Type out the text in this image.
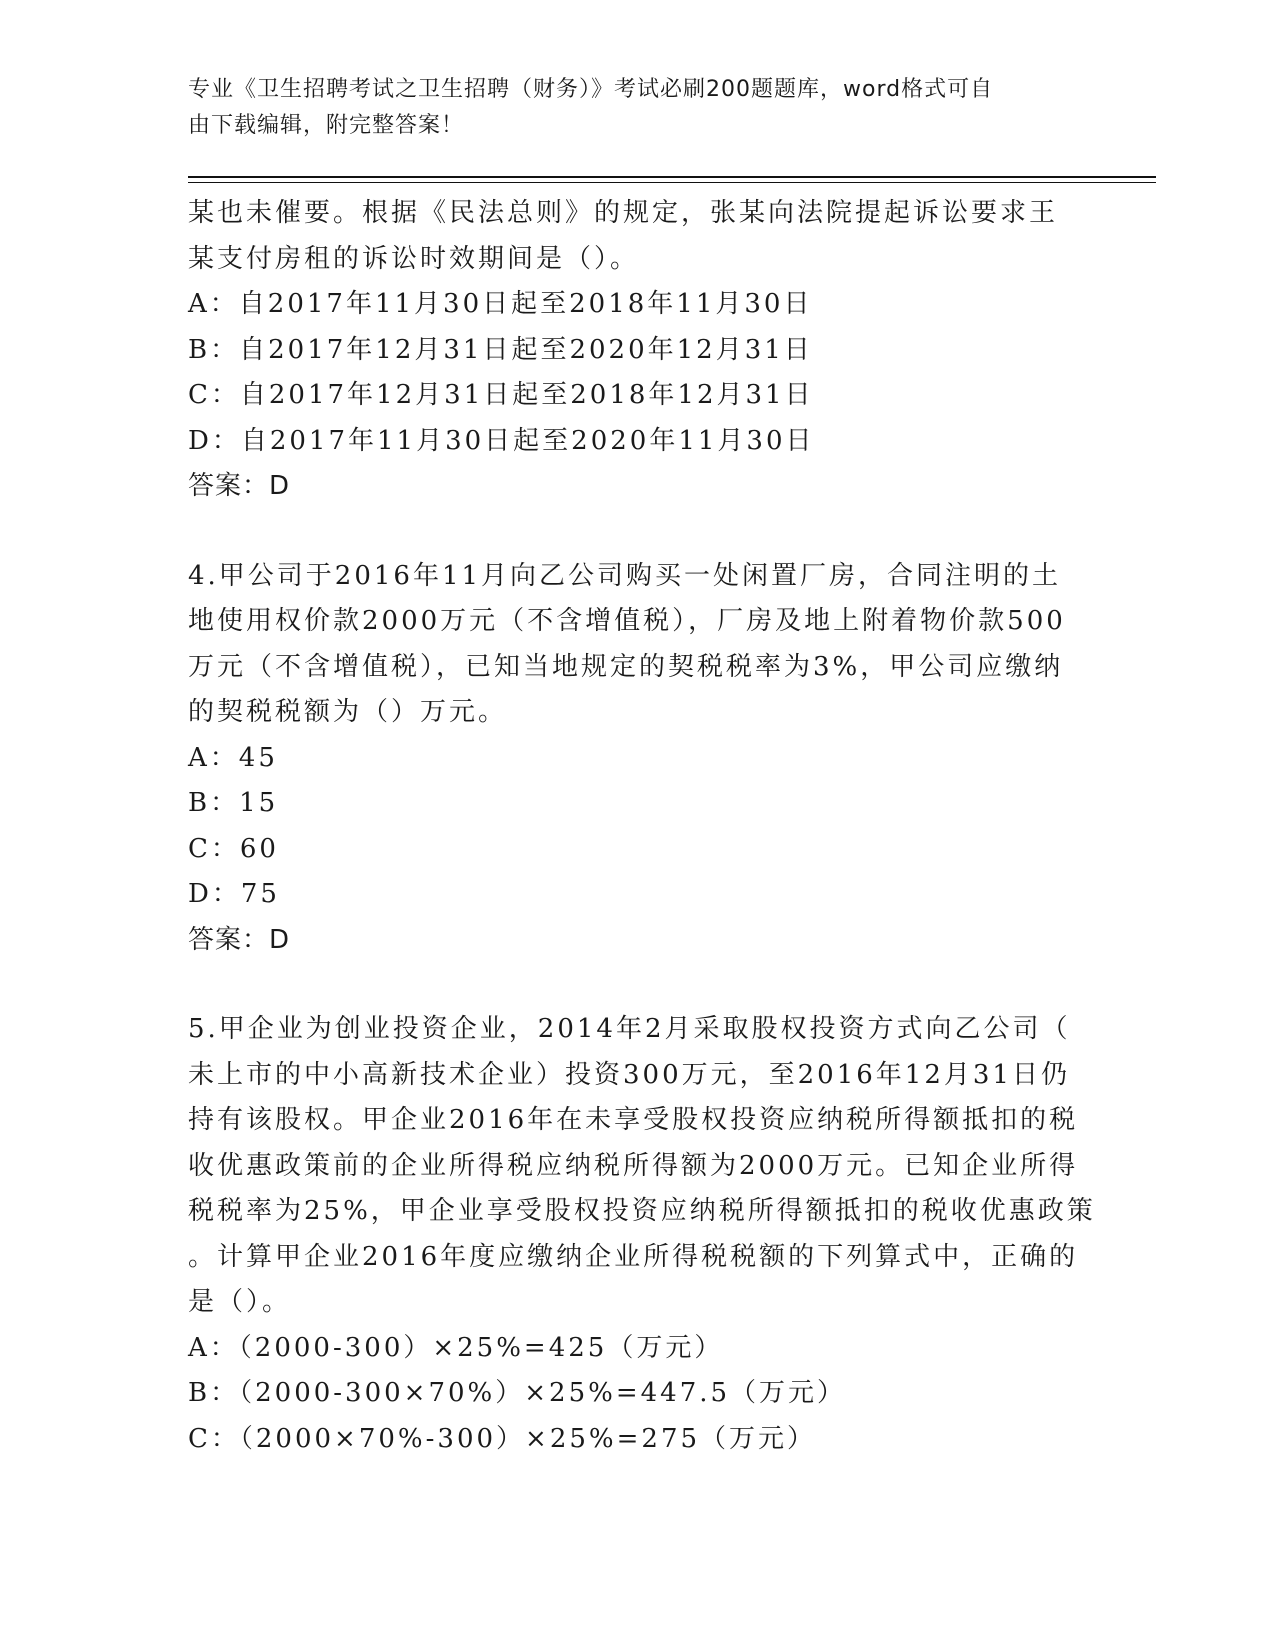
专业《卫生招聘考试之卫生招聘（财务）》考试必刷200题题库，word格式可自
由下载编辑，附完整答案！
某也未催要。根据《民法总则》的规定，张某向法院提起诉讼要求王
某支付房租的诉讼时效期间是（）。
A：自2017年11月30日起至2018年11月30日
B：自2017年12月31日起至2020年12月31日
C：自2017年12月31日起至2018年12月31日
D：自2017年11月30日起至2020年11月30日
答案：D
4.甲公司于2016年11月向乙公司购买一处闲置厂房，合同注明的土
地使用权价款2000万元（不含增值税），厂房及地上附着物价款500
万元（不含增值税），已知当地规定的契税税率为3%，甲公司应缴纳
的契税税额为（）万元。
A：45
B：15
C：60
D：75
答案：D
5.甲企业为创业投资企业，2014年2月采取股权投资方式向乙公司（
未上市的中小高新技术企业）投资300万元，至2016年12月31日仍
持有该股权。甲企业2016年在未享受股权投资应纳税所得额抵扣的税
收优惠政策前的企业所得税应纳税所得额为2000万元。已知企业所得
税税率为25%，甲企业享受股权投资应纳税所得额抵扣的税收优惠政策
。计算甲企业2016年度应缴纳企业所得税税额的下列算式中，正确的
是（）。
A：（2000-300）×25%=425（万元）
B：（2000-300×70%）×25%=447.5（万元）
C：（2000×70%-300）×25%=275（万元）
